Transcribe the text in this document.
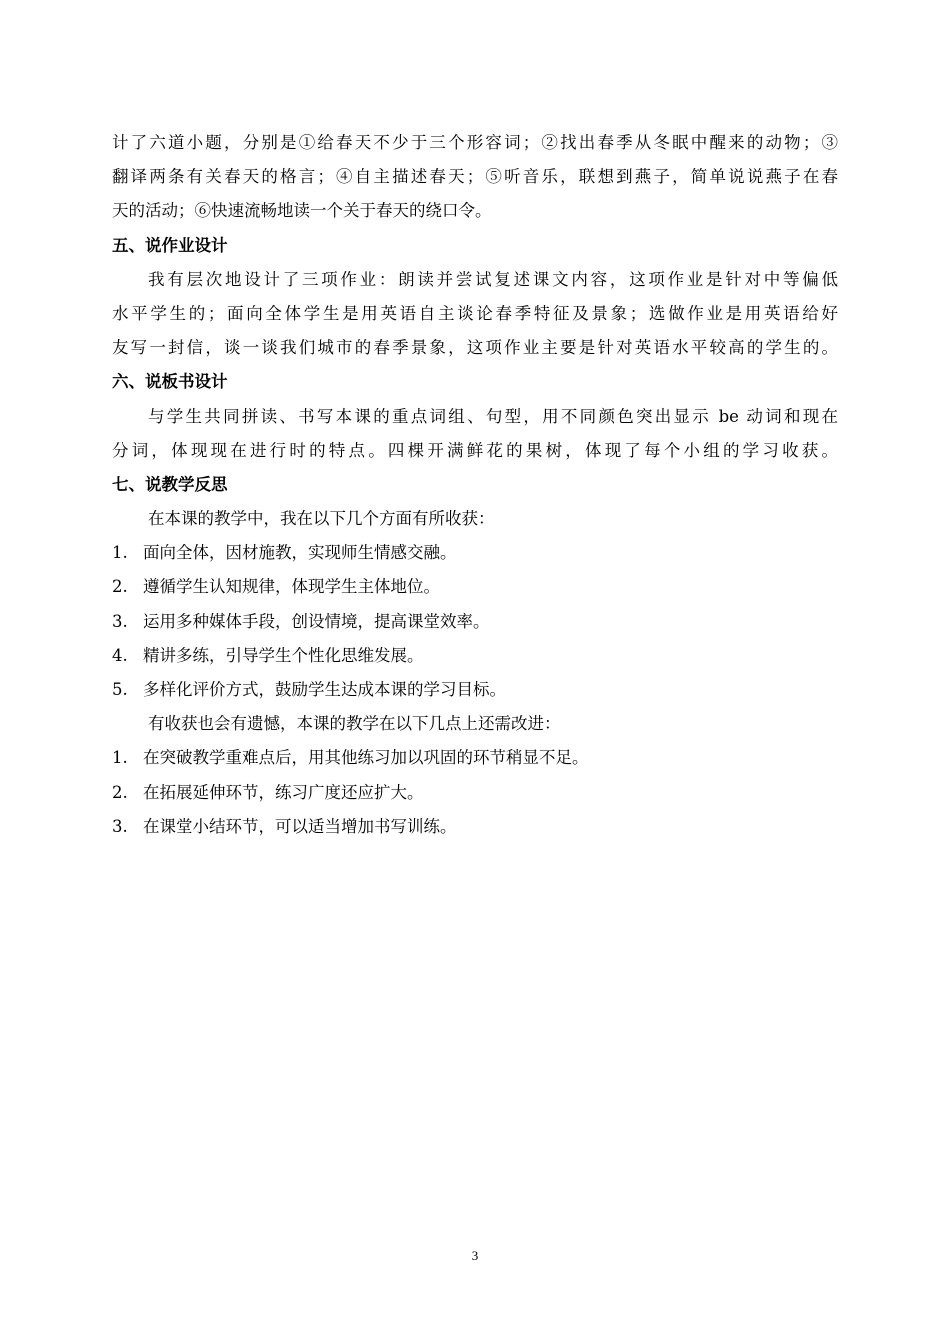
计了六道小题，分别是①给春天不少于三个形容词；②找出春季从冬眠中醒来的动物；③
翻译两条有关春天的格言；④自主描述春天；⑤听音乐，联想到燕子，简单说说燕子在春
天的活动；⑥快速流畅地读一个关于春天的绕口令。
五、说作业设计
我有层次地设计了三项作业：朗读并尝试复述课文内容，这项作业是针对中等偏低
水平学生的；面向全体学生是用英语自主谈论春季特征及景象；选做作业是用英语给好
友写一封信，谈一谈我们城市的春季景象，这项作业主要是针对英语水平较高的学生的。
六、说板书设计
与学生共同拼读、书写本课的重点词组、句型，用不同颜色突出显示 be 动词和现在
分词，体现现在进行时的特点。四棵开满鲜花的果树，体现了每个小组的学习收获。
七、说教学反思
在本课的教学中，我在以下几个方面有所收获：
1. 面向全体，因材施教，实现师生情感交融。
2. 遵循学生认知规律，体现学生主体地位。
3. 运用多种媒体手段，创设情境，提高课堂效率。
4. 精讲多练，引导学生个性化思维发展。
5. 多样化评价方式，鼓励学生达成本课的学习目标。
有收获也会有遗憾，本课的教学在以下几点上还需改进：
1. 在突破教学重难点后，用其他练习加以巩固的环节稍显不足。
2. 在拓展延伸环节，练习广度还应扩大。
3. 在课堂小结环节，可以适当增加书写训练。
3
